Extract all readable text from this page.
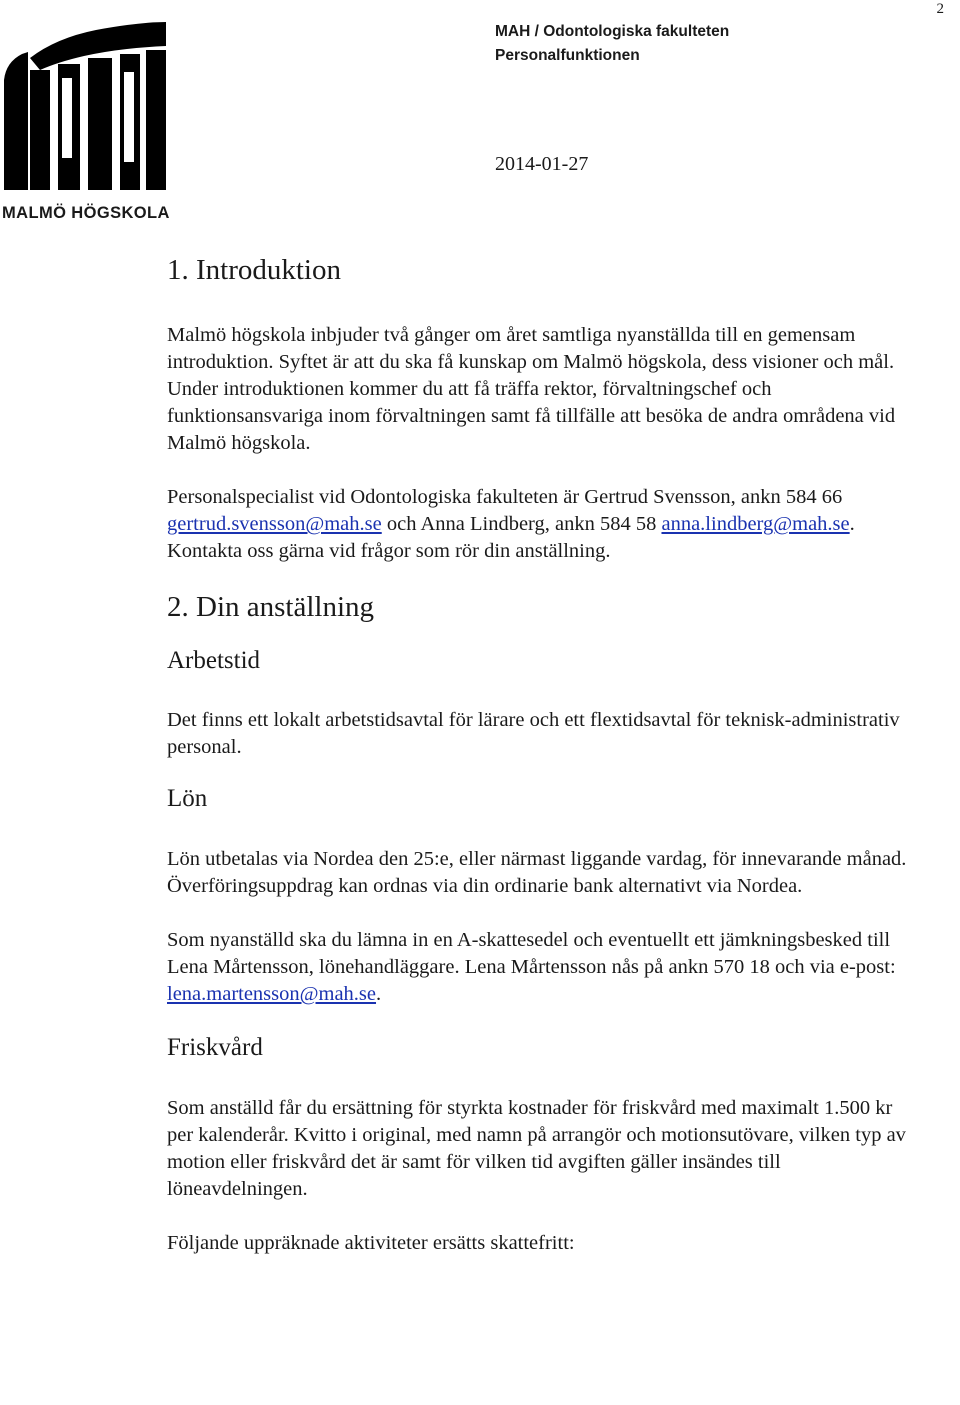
2
MALMÖ HÖGSKOLA
MAH / Odontologiska fakulteten
Personalfunktionen
2014-01-27
1. Introduktion

Malmö högskola inbjuder två gånger om året samtliga nyanställda till en gemensam introduktion. Syftet är att du ska få kunskap om Malmö högskola, dess visioner och mål. Under introduktionen kommer du att få träffa rektor, förvaltningschef och funktionsansvariga inom förvaltningen samt få tillfälle att besöka de andra områdena vid Malmö högskola.

Personalspecialist vid Odontologiska fakulteten är Gertrud Svensson, ankn 584 66 gertrud.svensson@mah.se och Anna Lindberg, ankn 584 58 anna.lindberg@mah.se. Kontakta oss gärna vid frågor som rör din anställning.

2. Din anställning
Arbetstid

Det finns ett lokalt arbetstidsavtal för lärare och ett flextidsavtal för teknisk-administrativ personal.

Lön

Lön utbetalas via Nordea den 25:e, eller närmast liggande vardag, för innevarande månad. Överföringsuppdrag kan ordnas via din ordinarie bank alternativt via Nordea.

Som nyanställd ska du lämna in en A-skattesedel och eventuellt ett jämkningsbesked till Lena Mårtensson, lönehandläggare. Lena Mårtensson nås på ankn 570 18 och via e-post: lena.martensson@mah.se.

Friskvård

Som anställd får du ersättning för styrkta kostnader för friskvård med maximalt 1.500 kr per kalenderår. Kvitto i original, med namn på arrangör och motionsutövare, vilken typ av motion eller friskvård det är samt för vilken tid avgiften gäller insändes till löneavdelningen.

Följande uppräknade aktiviteter ersätts skattefritt:
